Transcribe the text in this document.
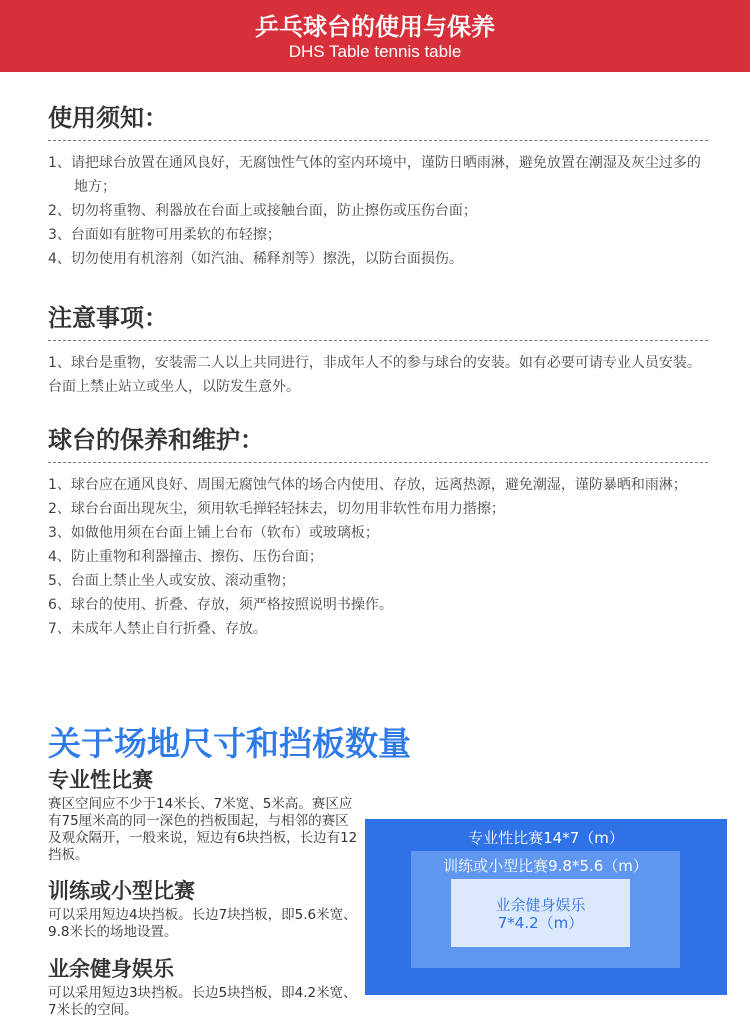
乒乓球台的使用与保养
DHS Table tennis table
使用须知：
1、请把球台放置在通风良好，无腐蚀性气体的室内环境中，谨防日晒雨淋，避免放置在潮湿及灰尘过多的地方；
2、切勿将重物、利器放在台面上或接触台面，防止擦伤或压伤台面；
3、台面如有脏物可用柔软的布轻擦；
4、切勿使用有机溶剂（如汽油、稀释剂等）擦洗，以防台面损伤。
注意事项：
1、球台是重物，安装需二人以上共同进行，非成年人不的参与球台的安装。如有必要可请专业人员安装。台面上禁止站立或坐人，以防发生意外。
球台的保养和维护：
1、球台应在通风良好、周围无腐蚀气体的场合内使用、存放，远离热源，避免潮湿，谨防暴晒和雨淋；
2、球台台面出现灰尘，须用软毛掸轻轻抹去，切勿用非软性布用力揩擦；
3、如做他用须在台面上铺上台布（软布）或玻璃板；
4、防止重物和利器撞击、擦伤、压伤台面；
5、台面上禁止坐人或安放、滚动重物；
6、球台的使用、折叠、存放，须严格按照说明书操作。
7、未成年人禁止自行折叠、存放。
关于场地尺寸和挡板数量
专业性比赛
赛区空间应不少于14米长、7米宽、5米高。赛区应有75厘米高的同一深色的挡板围起，与相邻的赛区及观众隔开，一般来说，短边有6块挡板，长边有12挡板。
训练或小型比赛
可以采用短边4块挡板。长边7块挡板，即5.6米宽、9.8米长的场地设置。
业余健身娱乐
可以采用短边3块挡板。长边5块挡板，即4.2米宽、7米长的空间。
专业性比赛14*7（m）
训练或小型比赛9.8*5.6（m）
业余健身娱乐
7*4.2（m）
